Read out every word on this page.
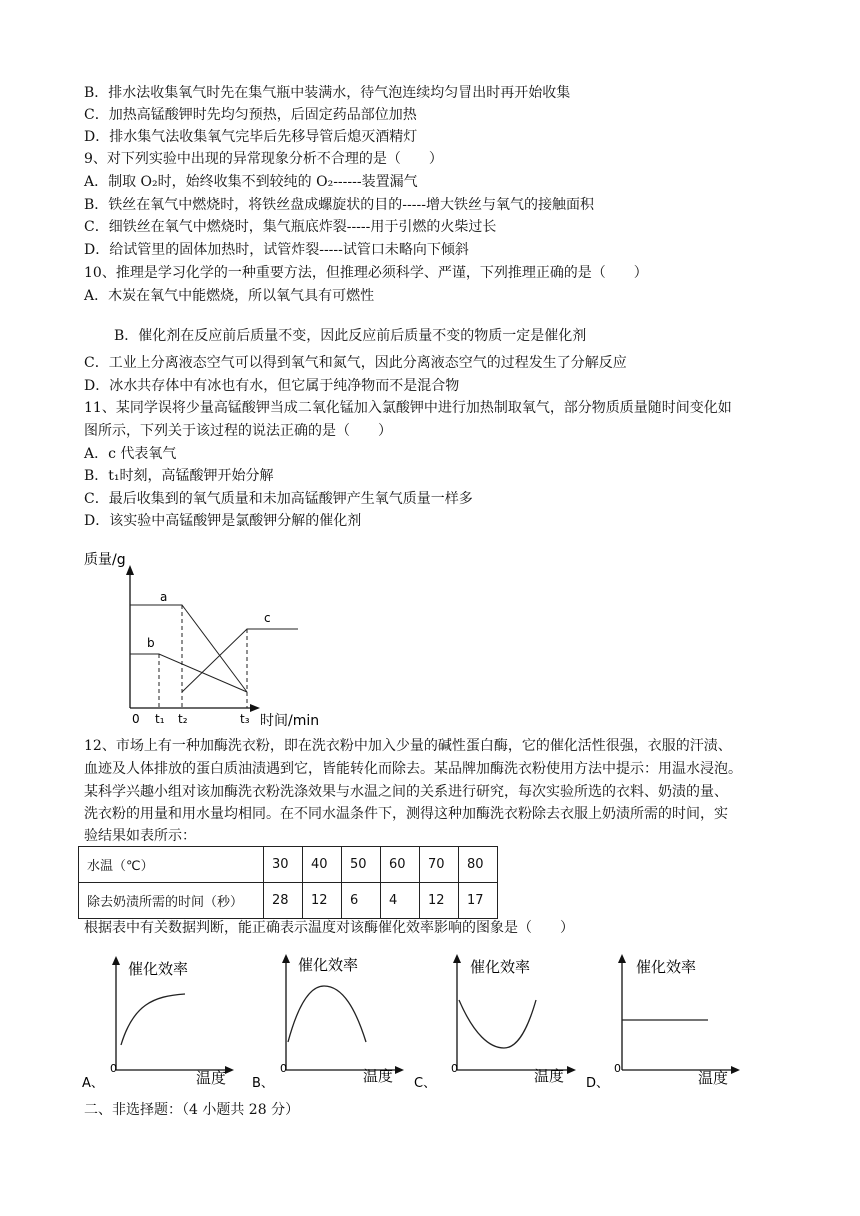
B．排水法收集氧气时先在集气瓶中装满水，待气泡连续均匀冒出时再开始收集
C．加热高锰酸钾时先均匀预热，后固定药品部位加热
D．排水集气法收集氧气完毕后先移导管后熄灭酒精灯
9、对下列实验中出现的异常现象分析不合理的是（　　）
A．制取 O₂时，始终收集不到较纯的 O₂------装置漏气
B．铁丝在氧气中燃烧时，将铁丝盘成螺旋状的目的-----增大铁丝与氧气的接触面积
C．细铁丝在氧气中燃烧时，集气瓶底炸裂-----用于引燃的火柴过长
D．给试管里的固体加热时，试管炸裂-----试管口未略向下倾斜
10、推理是学习化学的一种重要方法，但推理必须科学、严谨，下列推理正确的是（　　）
A．木炭在氧气中能燃烧，所以氧气具有可燃性
B．催化剂在反应前后质量不变，因此反应前后质量不变的物质一定是催化剂
C．工业上分离液态空气可以得到氧气和氮气，因此分离液态空气的过程发生了分解反应
D．冰水共存体中有冰也有水，但它属于纯净物而不是混合物
11、某同学误将少量高锰酸钾当成二氧化锰加入氯酸钾中进行加热制取氧气，部分物质质量随时间变化如
图所示，下列关于该过程的说法正确的是（　　）
A．c 代表氧气
B．t₁时刻，高锰酸钾开始分解
C．最后收集到的氧气质量和未加高锰酸钾产生氧气质量一样多
D．该实验中高锰酸钾是氯酸钾分解的催化剂
质量/g
a
b
c
0 t₁ t₂	t₃ 时间/min
12、市场上有一种加酶洗衣粉，即在洗衣粉中加入少量的碱性蛋白酶，它的催化活性很强，衣服的汗渍、
血迹及人体排放的蛋白质油渍遇到它，皆能转化而除去。某品牌加酶洗衣粉使用方法中提示：用温水浸泡。
某科学兴趣小组对该加酶洗衣粉洗涤效果与水温之间的关系进行研究，每次实验所选的衣料、奶渍的量、
洗衣粉的用量和用水量均相同。在不同水温条件下，测得这种加酶洗衣粉除去衣服上奶渍所需的时间，实
验结果如表所示：
水温（℃）	30	40	50	60	70	80
除去奶渍所需的时间（秒）	28	12	6	4	12	17
根据表中有关数据判断，能正确表示温度对该酶催化效率影响的图象是（　　）
催化效率
0
温度
A、
催化效率
0	温度
B、
催化效率
0	温度
C、
催化效率
0
温度
D、
二、非选择题：（4 小题共 28 分）
